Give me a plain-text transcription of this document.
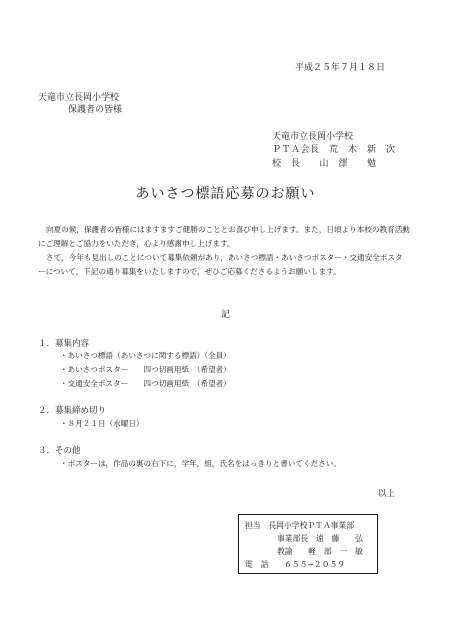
平成２５年７月１８日
天竜市立長岡小学校
保護者の皆様
天竜市立長岡小学校
ＰＴＡ会長　荒　木　新　次
校　長　　山　澤　　勉
あいさつ標語応募のお願い

向夏の候，保護者の皆様にはますますご健勝のこととお喜び申し上げます。また，日頃より本校の教育活動にご理解とご協力をいただき，心より感謝申し上げます。

さて，今年も見出しのことについて募集依頼があり，あいさつ標語・あいさつポスター・交通安全ポスターについて，下記の通り募集をいたしますので，ぜひご応募くださるようお願いします。

記
１．募集内容
・あいさつ標語（あいさつに関する標語）（全員）
・あいさつポスター　　四つ切画用紙　（希望者）
・交通安全ポスター　　四つ切画用紙　（希望者）
２．募集締め切り
・８月２１日（水曜日）
３．その他
・ポスターは，作品の裏の右下に，学年，組，氏名をはっきりと書いてください。
以上
担当　長岡小学校ＰＴＡ事業部
事業部長　遠　藤　　弘
教諭　　軽　部　一　敏
電　話　　６５５−２０５９
